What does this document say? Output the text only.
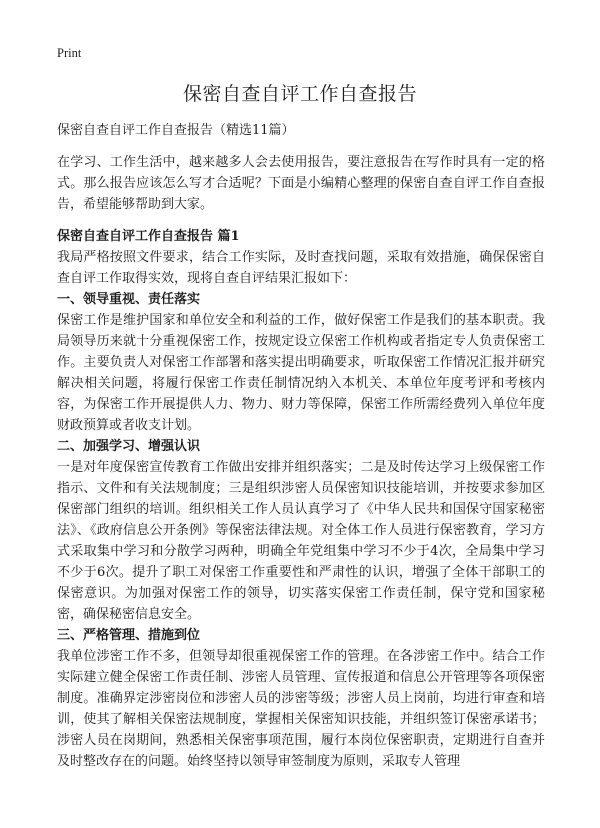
Print
保密自查自评工作自查报告

保密自查自评工作自查报告（精选11篇）

在学习、工作生活中，越来越多人会去使用报告，要注意报告在写作时具有一定的格式。那么报告应该怎么写才合适呢？下面是小编精心整理的保密自查自评工作自查报告，希望能够帮助到大家。

保密自查自评工作自查报告 篇1

我局严格按照文件要求，结合工作实际，及时查找问题，采取有效措施，确保保密自查自评工作取得实效，现将自查自评结果汇报如下：

一、领导重视、责任落实

保密工作是维护国家和单位安全和利益的工作，做好保密工作是我们的基本职责。我局领导历来就十分重视保密工作，按规定设立保密工作机构或者指定专人负责保密工作。主要负责人对保密工作部署和落实提出明确要求，听取保密工作情况汇报并研究解决相关问题，将履行保密工作责任制情况纳入本机关、本单位年度考评和考核内容，为保密工作开展提供人力、物力、财力等保障，保密工作所需经费列入单位年度财政预算或者收支计划。

二、加强学习、增强认识

一是对年度保密宣传教育工作做出安排并组织落实；二是及时传达学习上级保密工作指示、文件和有关法规制度；三是组织涉密人员保密知识技能培训，并按要求参加区保密部门组织的培训。组织相关工作人员认真学习了《中华人民共和国保守国家秘密法》、《政府信息公开条例》等保密法律法规。对全体工作人员进行保密教育，学习方式采取集中学习和分散学习两种，明确全年党组集中学习不少于4次，全局集中学习不少于6次。提升了职工对保密工作重要性和严肃性的认识，增强了全体干部职工的保密意识。为加强对保密工作的领导，切实落实保密工作责任制，保守党和国家秘密，确保秘密信息安全。

三、严格管理、措施到位

我单位涉密工作不多，但领导却很重视保密工作的管理。在各涉密工作中。结合工作实际建立健全保密工作责任制、涉密人员管理、宣传报道和信息公开管理等各项保密制度。准确界定涉密岗位和涉密人员的涉密等级；涉密人员上岗前，均进行审查和培训，使其了解相关保密法规制度，掌握相关保密知识技能，并组织签订保密承诺书；涉密人员在岗期间，熟悉相关保密事项范围，履行本岗位保密职责，定期进行自查并及时整改存在的问题。始终坚持以领导审签制度为原则，采取专人管理
